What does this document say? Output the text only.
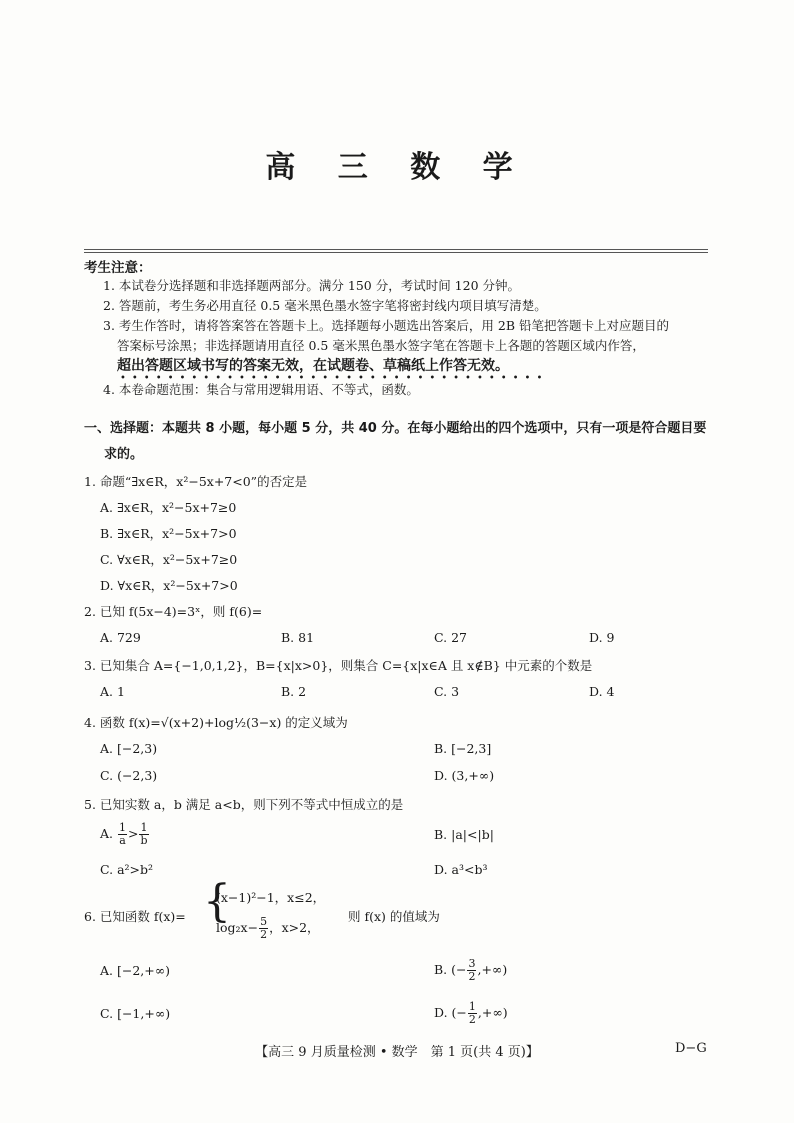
高 三 数 学
考生注意：
1. 本试卷分选择题和非选择题两部分。满分 150 分，考试时间 120 分钟。
2. 答题前，考生务必用直径 0.5 毫米黑色墨水签字笔将密封线内项目填写清楚。
3. 考生作答时，请将答案答在答题卡上。选择题每小题选出答案后，用 2B 铅笔把答题卡上对应题目的
答案标号涂黑；非选择题请用直径 0.5 毫米黑色墨水签字笔在答题卡上各题的答题区域内作答，
超出答题区域书写的答案无效，在试题卷、草稿纸上作答无效。
••••••••••••••••••••••••••••••••••••
4. 本卷命题范围：集合与常用逻辑用语、不等式，函数。
一、选择题：本题共 8 小题，每小题 5 分，共 40 分。在每小题给出的四个选项中，只有一项是符合题目要
求的。
1. 命题“∃x∈R，x²−5x+7<0”的否定是
A. ∃x∈R，x²−5x+7≥0
B. ∃x∈R，x²−5x+7>0
C. ∀x∈R，x²−5x+7≥0
D. ∀x∈R，x²−5x+7>0
2. 已知 f(5x−4)=3ˣ，则 f(6)=
A. 729	B. 81	C. 27	D. 9
3. 已知集合 A={−1,0,1,2}，B={x|x>0}，则集合 C={x|x∈A 且 x∉B} 中元素的个数是
A. 1	B. 2	C. 3	D. 4
4. 函数 f(x)=√(x+2)+log½(3−x) 的定义域为
A. [−2,3)	B. [−2,3]
C. (−2,3)	D. (3,+∞)
5. 已知实数 a，b 满足 a<b，则下列不等式中恒成立的是
A. $\frac{1}{a} > \frac{1}{b}$	B. |a|<|b|
C. a²>b²	D. a³<b³
6. 已知函数 f(x)= {
(x−1)²−1，x≤2，
$\log_2x- \frac{5}{2}$ ，x>2，
则 f(x) 的值域为
A. [−2,+∞)	B. (− $\frac{3}{2}$ ,+∞)
C. [−1,+∞)	D. (− $\frac{1}{2}$ ,+∞)
【高三 9 月质量检测 • 数学　第 1 页(共 4 页)】	D−G
